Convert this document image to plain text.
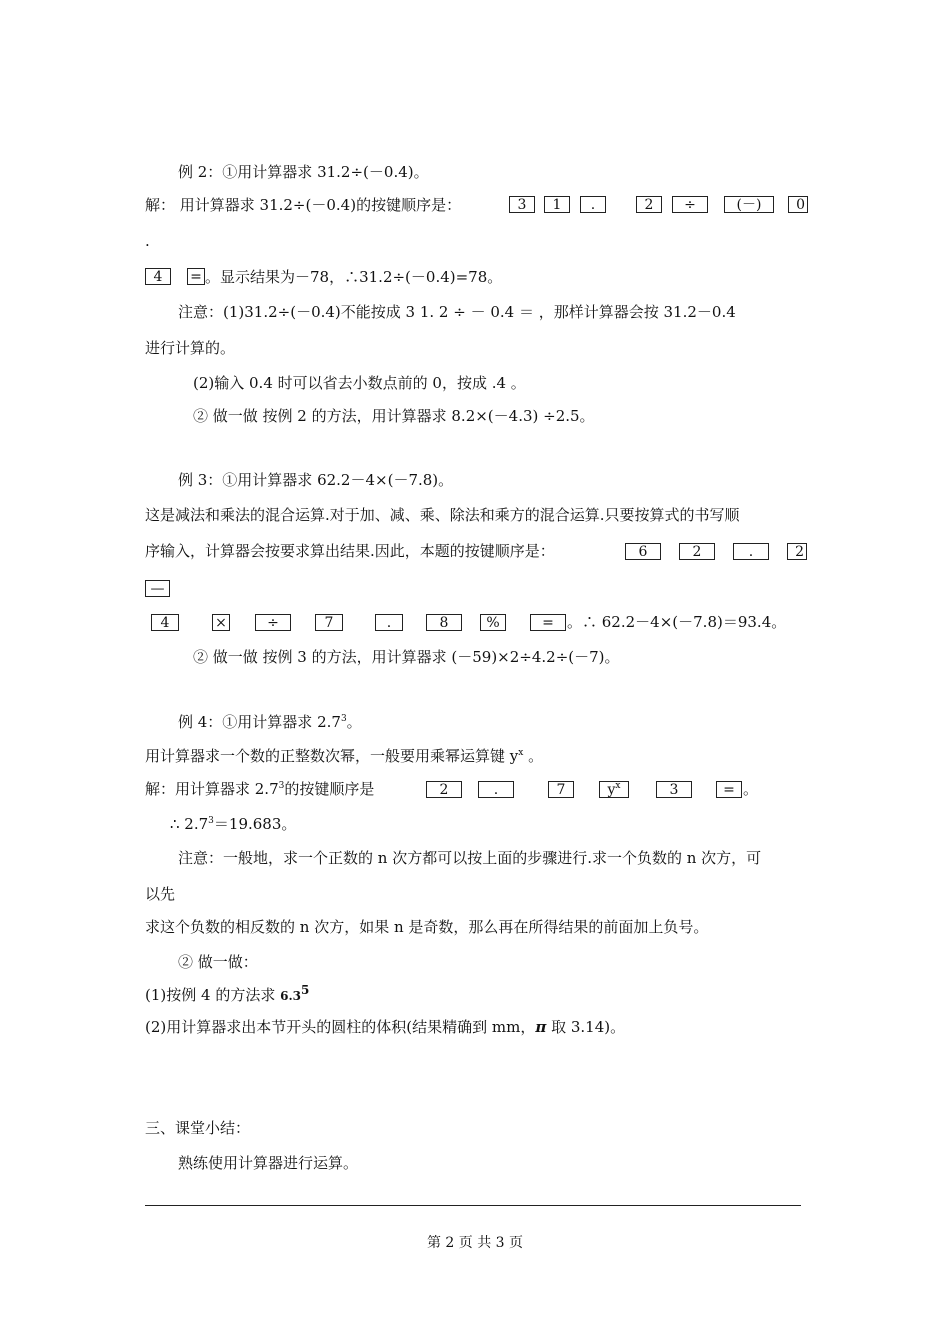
例 2：①用计算器求 31.2÷(－0.4)。
解： 用计算器求 31.2÷(－0.4)的按键顺序是：	3	1	.	2	÷	(－)	0
.
4	= 。显示结果为－78，∴31.2÷(－0.4)=78。
注意：(1)31.2÷(－0.4)不能按成 3 1. 2 ÷ － 0.4 ＝ ，那样计算器会按 31.2－0.4
进行计算的。
(2)输入 0.4 时可以省去小数点前的 0，按成 .4 。
② 做一做 按例 2 的方法，用计算器求 8.2×(－4.3) ÷2.5。
例 3：①用计算器求 62.2－4×(－7.8)。
这是减法和乘法的混合运算.对于加、减、乘、除法和乘方的混合运算.只要按算式的书写顺
序输入，计算器会按要求算出结果.因此，本题的按键顺序是：	6	2	.	2
—
4	×	÷	7	.	8	%	= 。∴ 62.2－4×(－7.8)＝93.4。
② 做一做 按例 3 的方法，用计算器求 (－59)×2÷4.2÷(－7)。
例 4：①用计算器求 $2.7^3$。
用计算器求一个数的正整数次幂，一般要用乘幂运算键 $y^x$ 。
解：用计算器求 $2.7^3$的按键顺序是	2	.	7	$y^x$	3	= 。
∴ $2.7^3=19.683$。
注意：一般地，求一个正数的 n 次方都可以按上面的步骤进行.求一个负数的 n 次方，可
以先
求这个负数的相反数的 n 次方，如果 n 是奇数，那么再在所得结果的前面加上负号。
② 做一做：
(1)按例 4 的方法求 $6.3^5$
(2)用计算器求出本节开头的圆柱的体积(结果精确到 mm，π 取 3.14)。
三、课堂小结：
熟练使用计算器进行运算。
第 2 页 共 3 页
